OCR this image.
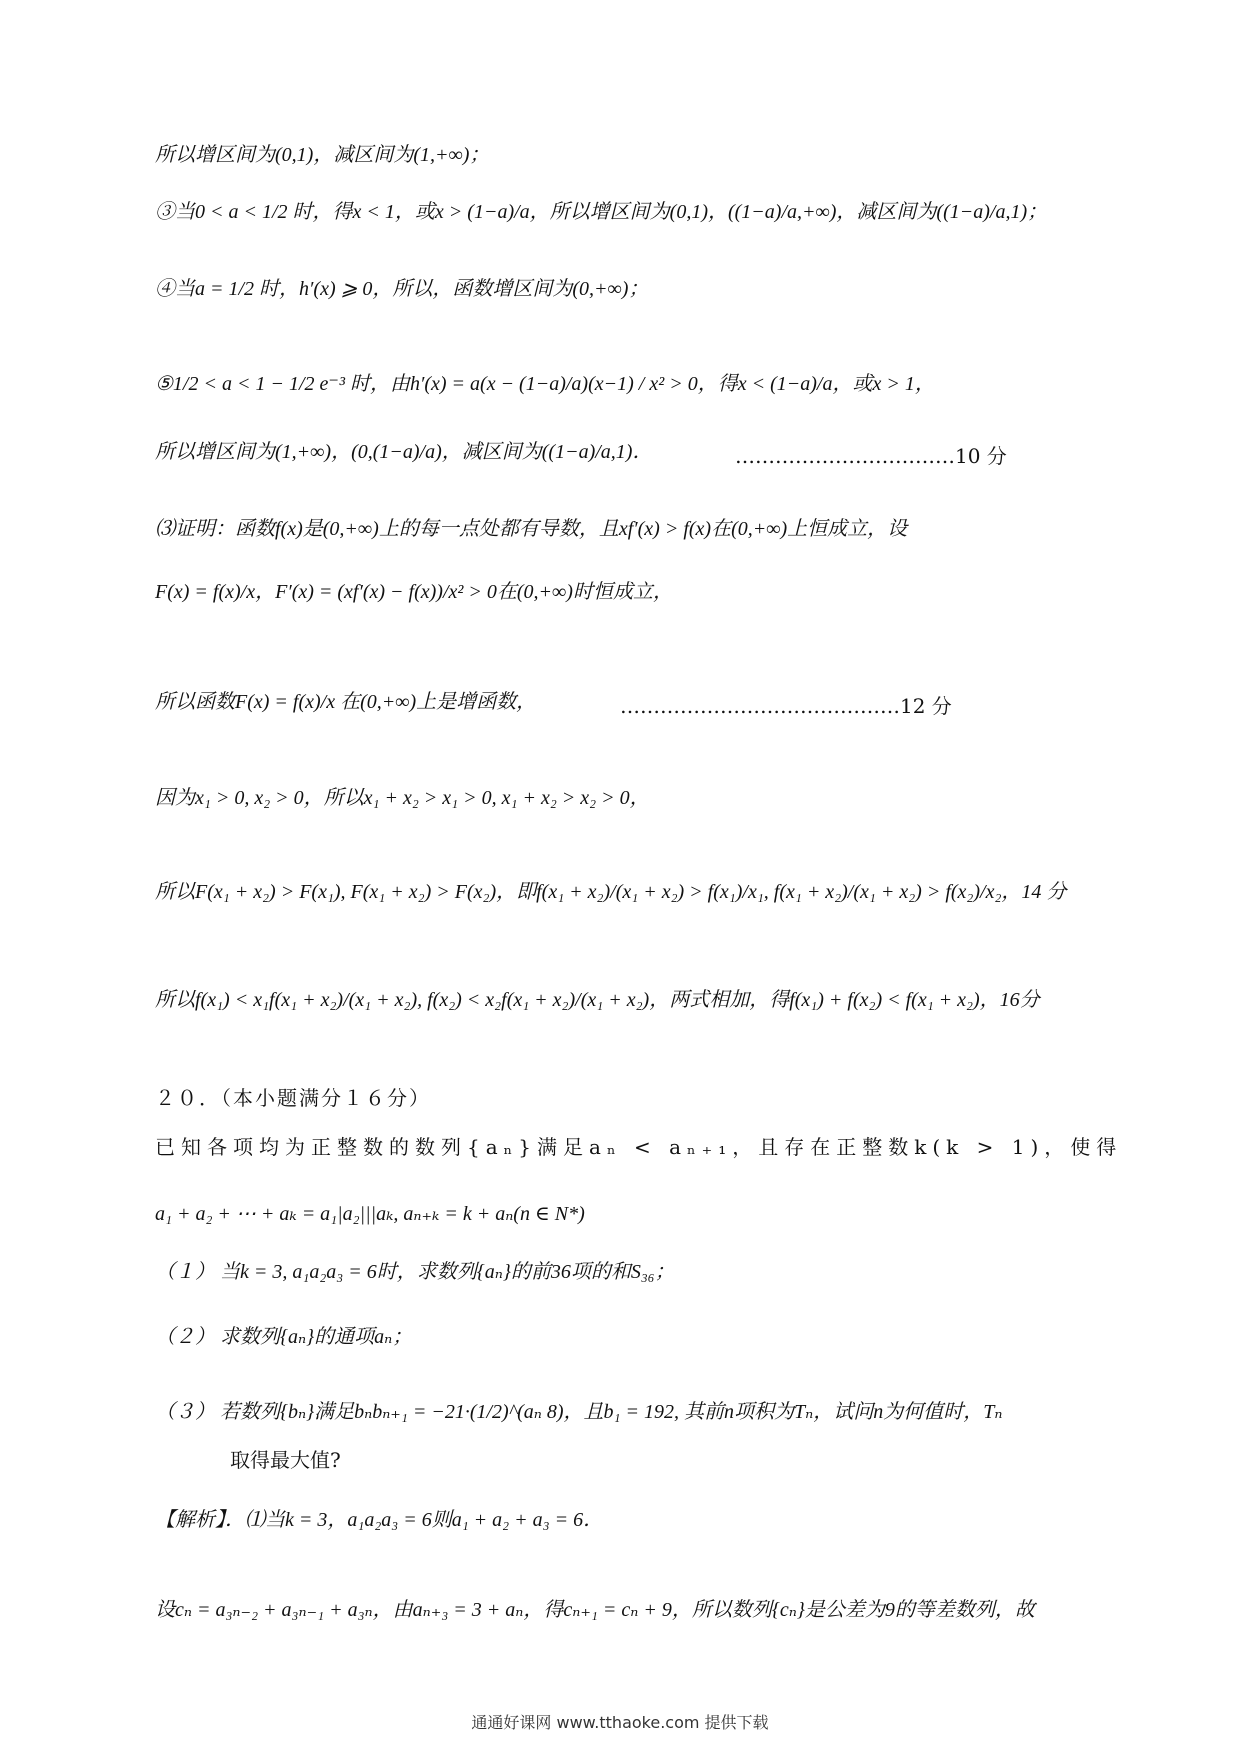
所以增区间为(0,1)，减区间为(1,+∞)；
③当0 < a < 1/2 时，得x < 1，或x > (1−a)/a，所以增区间为(0,1)，((1−a)/a,+∞)，减区间为((1−a)/a,1)；
④当a = 1/2 时，h′(x) ⩾ 0，所以，函数增区间为(0,+∞)；
⑤1/2 < a < 1 − 1/2 e⁻³ 时，由h′(x) = a(x − (1−a)/a)(x−1) / x² > 0，得x < (1−a)/a，或x > 1，
所以增区间为(1,+∞)，(0,(1−a)/a)，减区间为((1−a)/a,1)．	……………………………10 分
⑶证明：函数f(x)是(0,+∞)上的每一点处都有导数，且xf′(x) > f(x)在(0,+∞)上恒成立，设
F(x) = f(x)/x，F′(x) = (xf′(x) − f(x))/x² > 0在(0,+∞)时恒成立，
所以函数F(x) = f(x)/x 在(0,+∞)上是增函数，	……………………………………12 分
因为x₁ > 0, x₂ > 0，所以x₁ + x₂ > x₁ > 0, x₁ + x₂ > x₂ > 0，
所以F(x₁ + x₂) > F(x₁), F(x₁ + x₂) > F(x₂)，即f(x₁ + x₂)/(x₁ + x₂) > f(x₁)/x₁, f(x₁ + x₂)/(x₁ + x₂) > f(x₂)/x₂，14 分
所以f(x₁) < x₁f(x₁ + x₂)/(x₁ + x₂), f(x₂) < x₂f(x₁ + x₂)/(x₁ + x₂)，两式相加，得f(x₁) + f(x₂) < f(x₁ + x₂)，16分
２０．（本小题满分１６分）
已知各项均为正整数的数列{aₙ}满足aₙ < aₙ₊₁，且存在正整数k(k > 1)，使得
a₁ + a₂ + ⋯ + aₖ = a₁|a₂|||aₖ, aₙ₊ₖ = k + aₙ(n ∈ N*)
（１） 当k = 3, a₁a₂a₃ = 6时，求数列{aₙ}的前36项的和S₃₆；
（２） 求数列{aₙ}的通项aₙ；
（３） 若数列{bₙ}满足bₙbₙ₊₁ = −21·(1/2)^(aₙ 8)，且b₁ = 192, 其前n项积为Tₙ，试问n为何值时，Tₙ
取得最大值?
【解析】．⑴当k = 3，a₁a₂a₃ = 6则a₁ + a₂ + a₃ = 6．
设cₙ = a₃ₙ₋₂ + a₃ₙ₋₁ + a₃ₙ，由aₙ₊₃ = 3 + aₙ，得cₙ₊₁ = cₙ + 9，所以数列{cₙ}是公差为9的等差数列，故
通通好课网 www.tthaoke.com 提供下载
